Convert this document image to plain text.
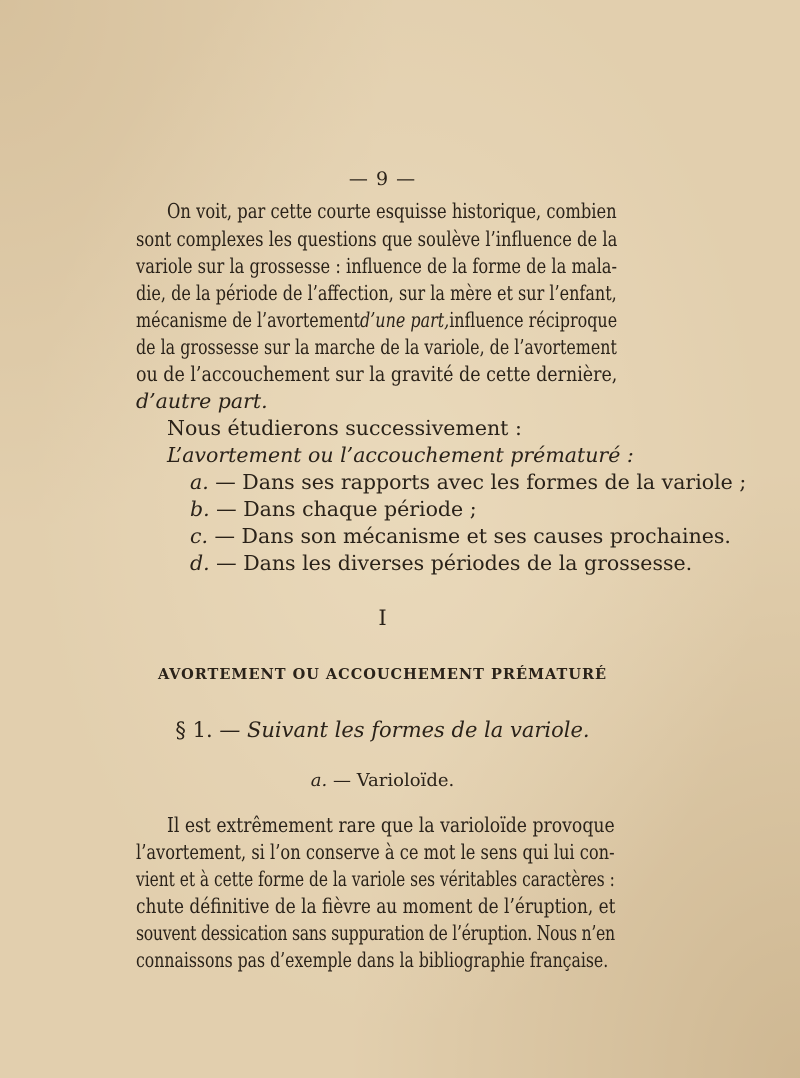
— 9 —
On voit, par cette courte esquisse historique, combien
sont complexes les questions que soulève l’influence de la
variole sur la grossesse : influence de la forme de la mala-
die, de la période de l’affection, sur la mère et sur l’enfant,
mécanisme de l’avortement d’une part, influence réciproque
de la grossesse sur la marche de la variole, de l’avortement
ou de l’accouchement sur la gravité de cette dernière,
d’autre part.
Nous étudierons successivement :
L’avortement ou l’accouchement prématuré :
a. — Dans ses rapports avec les formes de la variole ;
b. — Dans chaque période ;
c. — Dans son mécanisme et ses causes prochaines.
d. — Dans les diverses périodes de la grossesse.
I
AVORTEMENT OU ACCOUCHEMENT PRÉMATURÉ
§ 1. — Suivant les formes de la variole.
a. — Varioloïde.
Il est extrêmement rare que la varioloïde provoque
l’avortement, si l’on conserve à ce mot le sens qui lui con-
vient et à cette forme de la variole ses véritables caractères :
chute définitive de la fièvre au moment de l’éruption, et
souvent dessication sans suppuration de l’éruption. Nous n’en
connaissons pas d’exemple dans la bibliographie française.
